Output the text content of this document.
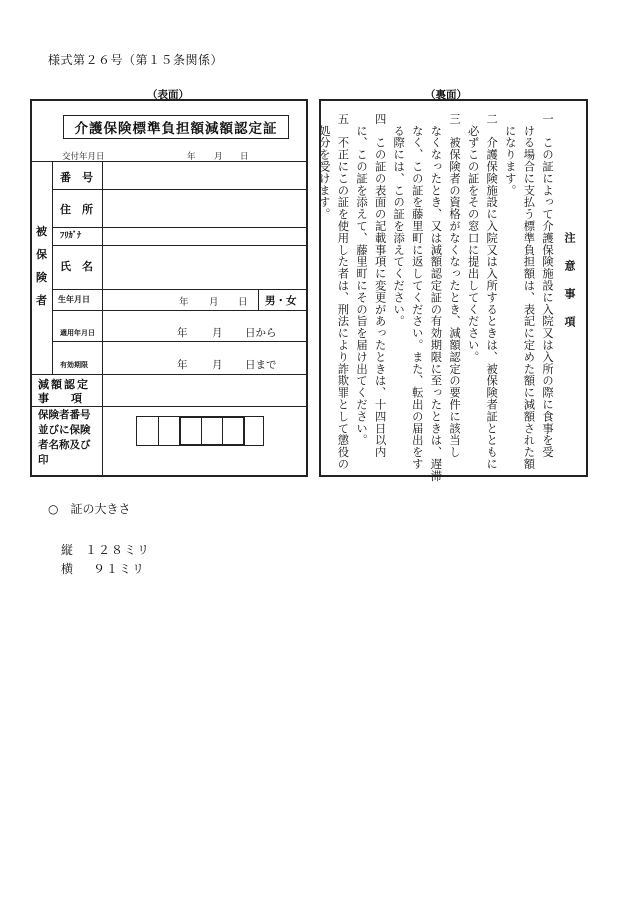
様式第２６号（第１５条関係）
（表面）	（裏面）
介護保険標準負担額減額認定証
交付年月日	年 月 日
被
保
険
者
番　号
住　所
ﾌﾘｶﾞﾅ
氏　名
生年月日	年 月 日 男・女
適用年月日	年 月 日から
有効期限	年 月 日まで
減額認定
事　　項
保険者番号
並びに保険
者名称及び
印
注　意　事　項
一　この証によって介護保険施設に入院又は入所の際に食事を受
　ける場合に支払う標準負担額は、表記に定めた額に減額された額
　になります。
二　介護保険施設に入院又は入所するときは、被保険者証とともに
　必ずこの証をその窓口に提出してください。
三　被保険者の資格がなくなったとき、減額認定の要件に該当し
　なくなったとき、又は減額認定証の有効期限に至ったときは、遅滞
　なく、この証を藤里町に返してください。また、転出の届出をす
　る際には、この証を添えてください。
四　この証の表面の記載事項に変更があったときは、十四日以内
　に、この証を添えて、藤里町にその旨を届け出てください。
五　不正にこの証を使用した者は、刑法により詐欺罪として懲役の
　処分を受けます。
○　証の大きさ
縦 １２８ミリ
横 ９１ミリ
